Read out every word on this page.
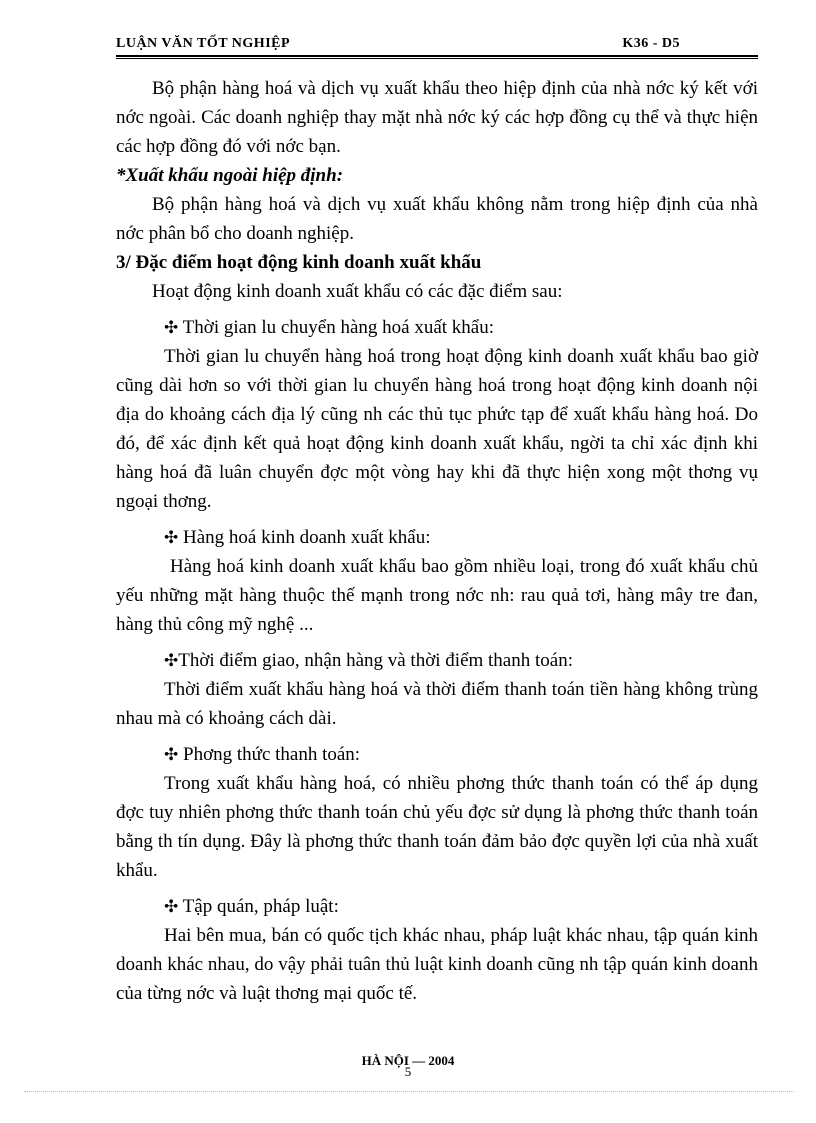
LUẬN VĂN TỐT NGHIỆP	K36 - D5

Bộ phận hàng hoá và dịch vụ xuất khẩu theo hiệp định của nhà nớc ký kết với nớc ngoài. Các doanh nghiệp thay mặt nhà nớc ký các hợp đồng cụ thể và thực hiện các hợp đồng đó với nớc bạn.

*Xuất khẩu ngoài hiệp định:

Bộ phận hàng hoá và dịch vụ xuất khẩu không nằm trong hiệp định của nhà nớc phân bổ cho doanh nghiệp.

3/ Đặc điểm hoạt động kinh doanh xuất khẩu

Hoạt động kinh doanh xuất khẩu có các đặc điểm sau:

✣ Thời gian lu chuyển hàng hoá xuất khẩu:

Thời gian lu chuyển hàng hoá trong hoạt động kinh doanh xuất khẩu bao giờ cũng dài hơn so với thời gian lu chuyển hàng hoá trong hoạt động kinh doanh nội địa do khoảng cách địa lý cũng nh các thủ tục phức tạp để xuất khẩu hàng hoá. Do đó, để xác định kết quả hoạt động kinh doanh xuất khẩu, ngời ta chỉ xác định khi hàng hoá đã luân chuyển đợc một vòng hay khi đã thực hiện xong một thơng vụ ngoại thơng.

✣ Hàng hoá kinh doanh xuất khẩu:

Hàng hoá kinh doanh xuất khẩu bao gồm nhiều loại, trong đó xuất khẩu chủ yếu những mặt hàng thuộc thế mạnh trong nớc nh: rau quả tơi, hàng mây tre đan, hàng thủ công mỹ nghệ ...

✣Thời điểm giao, nhận hàng và thời điểm thanh toán:

Thời điểm xuất khẩu hàng hoá và thời điểm thanh toán tiền hàng không trùng nhau mà có khoảng cách dài.

✣ Phơng thức thanh toán:

Trong xuất khẩu hàng hoá, có nhiều phơng thức thanh toán có thể áp dụng đợc tuy nhiên phơng thức thanh toán chủ yếu đợc sử dụng là phơng thức thanh toán bằng th tín dụng. Đây là phơng thức thanh toán đảm bảo đợc quyền lợi của nhà xuất khẩu.

✣ Tập quán, pháp luật:

Hai bên mua, bán có quốc tịch khác nhau, pháp luật khác nhau, tập quán kinh doanh khác nhau, do vậy phải tuân thủ luật kinh doanh cũng nh tập quán kinh doanh của từng nớc và luật thơng mại quốc tế.

HÀ NỘI — 2004
5
